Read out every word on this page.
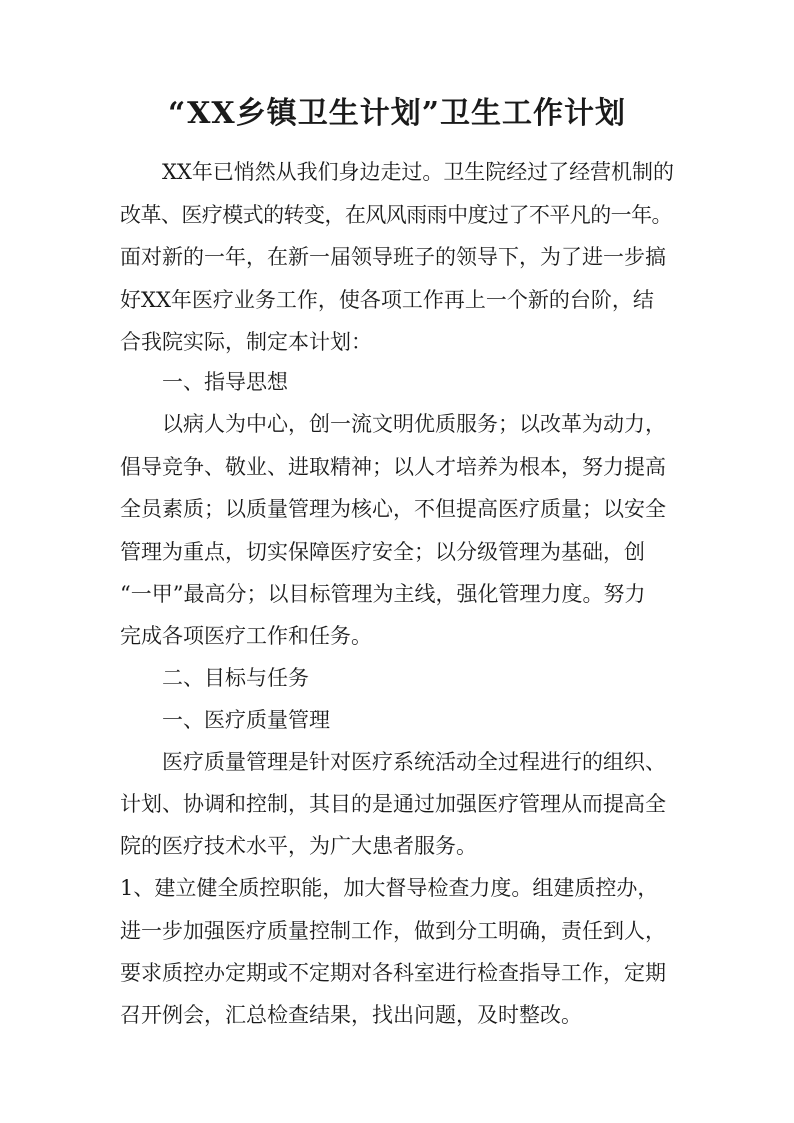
“XX乡镇卫生计划”卫生工作计划
XX年已悄然从我们身边走过。卫生院经过了经营机制的
改革、医疗模式的转变，在风风雨雨中度过了不平凡的一年。
面对新的一年，在新一届领导班子的领导下，为了进一步搞
好XX年医疗业务工作，使各项工作再上一个新的台阶，结
合我院实际，制定本计划：
一、指导思想
以病人为中心，创一流文明优质服务；以改革为动力，
倡导竞争、敬业、进取精神；以人才培养为根本，努力提高
全员素质；以质量管理为核心，不但提高医疗质量；以安全
管理为重点，切实保障医疗安全；以分级管理为基础，创
“一甲”最高分；以目标管理为主线，强化管理力度。努力
完成各项医疗工作和任务。
二、目标与任务
一、医疗质量管理
医疗质量管理是针对医疗系统活动全过程进行的组织、
计划、协调和控制，其目的是通过加强医疗管理从而提高全
院的医疗技术水平，为广大患者服务。
1、建立健全质控职能，加大督导检查力度。组建质控办，
进一步加强医疗质量控制工作，做到分工明确，责任到人，
要求质控办定期或不定期对各科室进行检查指导工作，定期
召开例会，汇总检查结果，找出问题，及时整改。
